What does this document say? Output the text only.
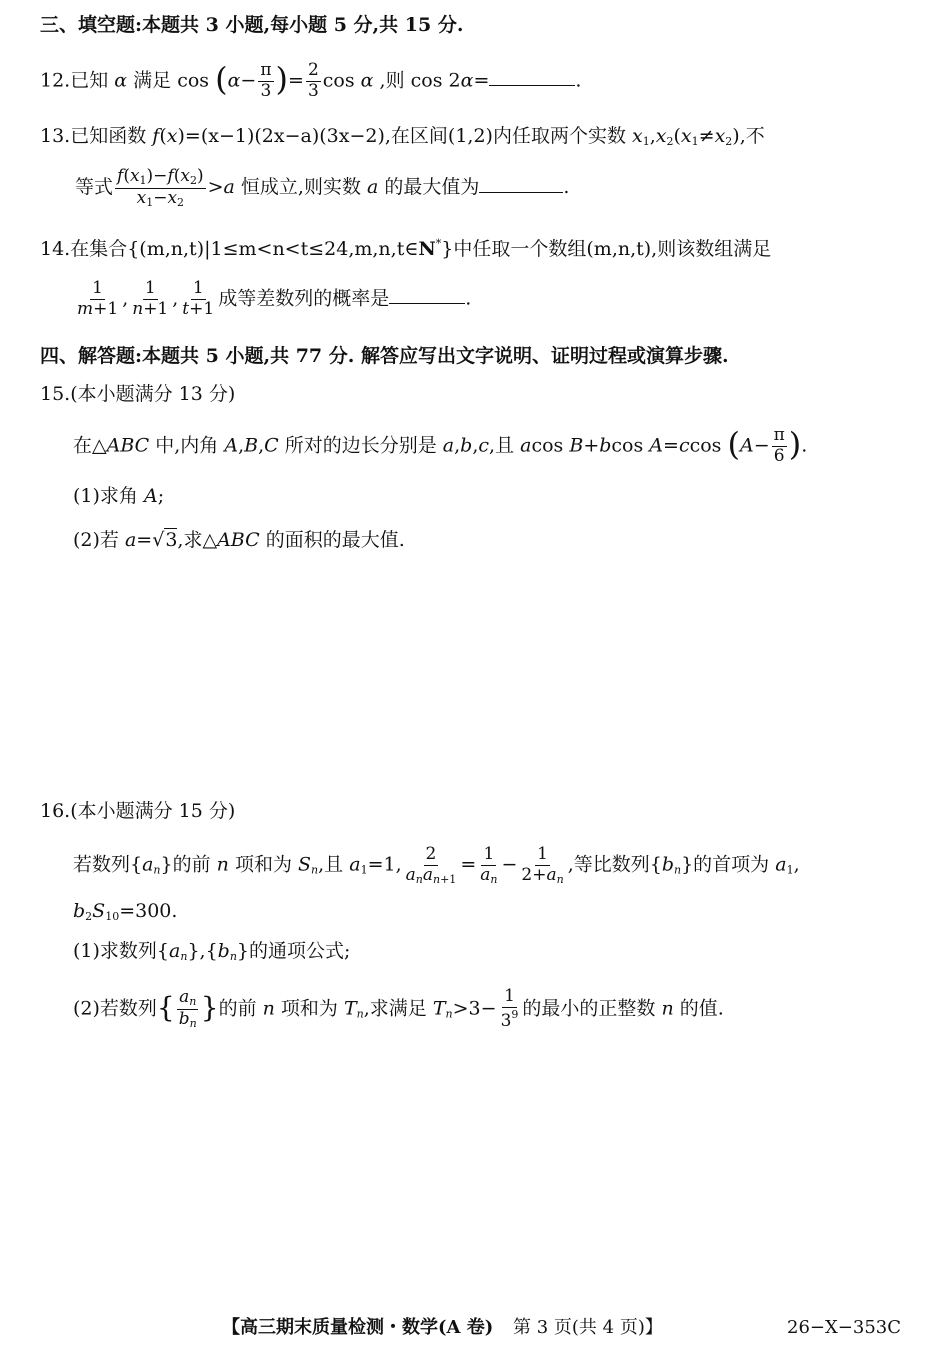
三、填空题:本题共 3 小题,每小题 5 分,共 15 分.
12.已知 α 满足 $\cos (\alpha- \frac{\pi}{3}$ )= $\frac{2}{3}$ cos α ,则 cos 2α=	.
13.已知函数 f(x)=(x−1)(2x−a)(3x−2),在区间(1,2)内任取两个实数 $x_1,x_2(x_1\ne x_2)$,不
等式 $\frac{f(x_1)-f(x_2)}{x_1-x_2} >a$ 恒成立,则实数 a 的最大值为	.
14.在集合{(m,n,t)|1≤m<n<t≤24,m,n,t∈N*}中任取一个数组(m,n,t),则该数组满足
$\frac{1}{m+1}$ , $\frac{1}{n+1}$ , $\frac{1}{t+1}$ 成等差数列的概率是	.
四、解答题:本题共 5 小题,共 77 分. 解答应写出文字说明、证明过程或演算步骤.
15.(本小题满分 13 分)
在△ABC 中,内角 A,B,C 所对的边长分别是 a,b,c,且 acos B+bcos A=ccos ($A- \frac{\pi}{6}$ ).
(1)求角 A;
(2)若 a=√3,求△ABC 的面积的最大值.
16.(本小题满分 15 分)
若数列$\{a_n\}$的前 n 项和为 $S_n$,且 $a_1=1$, $\frac{2}{a_na_{n+1}} = \frac{1}{a_n} - \frac{1}{2+a_n}$ ,等比数列$\{b_n\}$的首项为 $a_1$,
$b_2S_{10}=300$.
(1)求数列$\{a_n\},\{b_n\}$的通项公式;
(2)若数列{ $\frac{a_n}{b_n}$ }的前 n 项和为 $T_n$,求满足 $T_n>3- \frac{1}{3^9}$ 的最小的正整数 n 的值.
【高三期末质量检测・数学(A 卷) 第 3 页(共 4 页)】	26−X−353C
